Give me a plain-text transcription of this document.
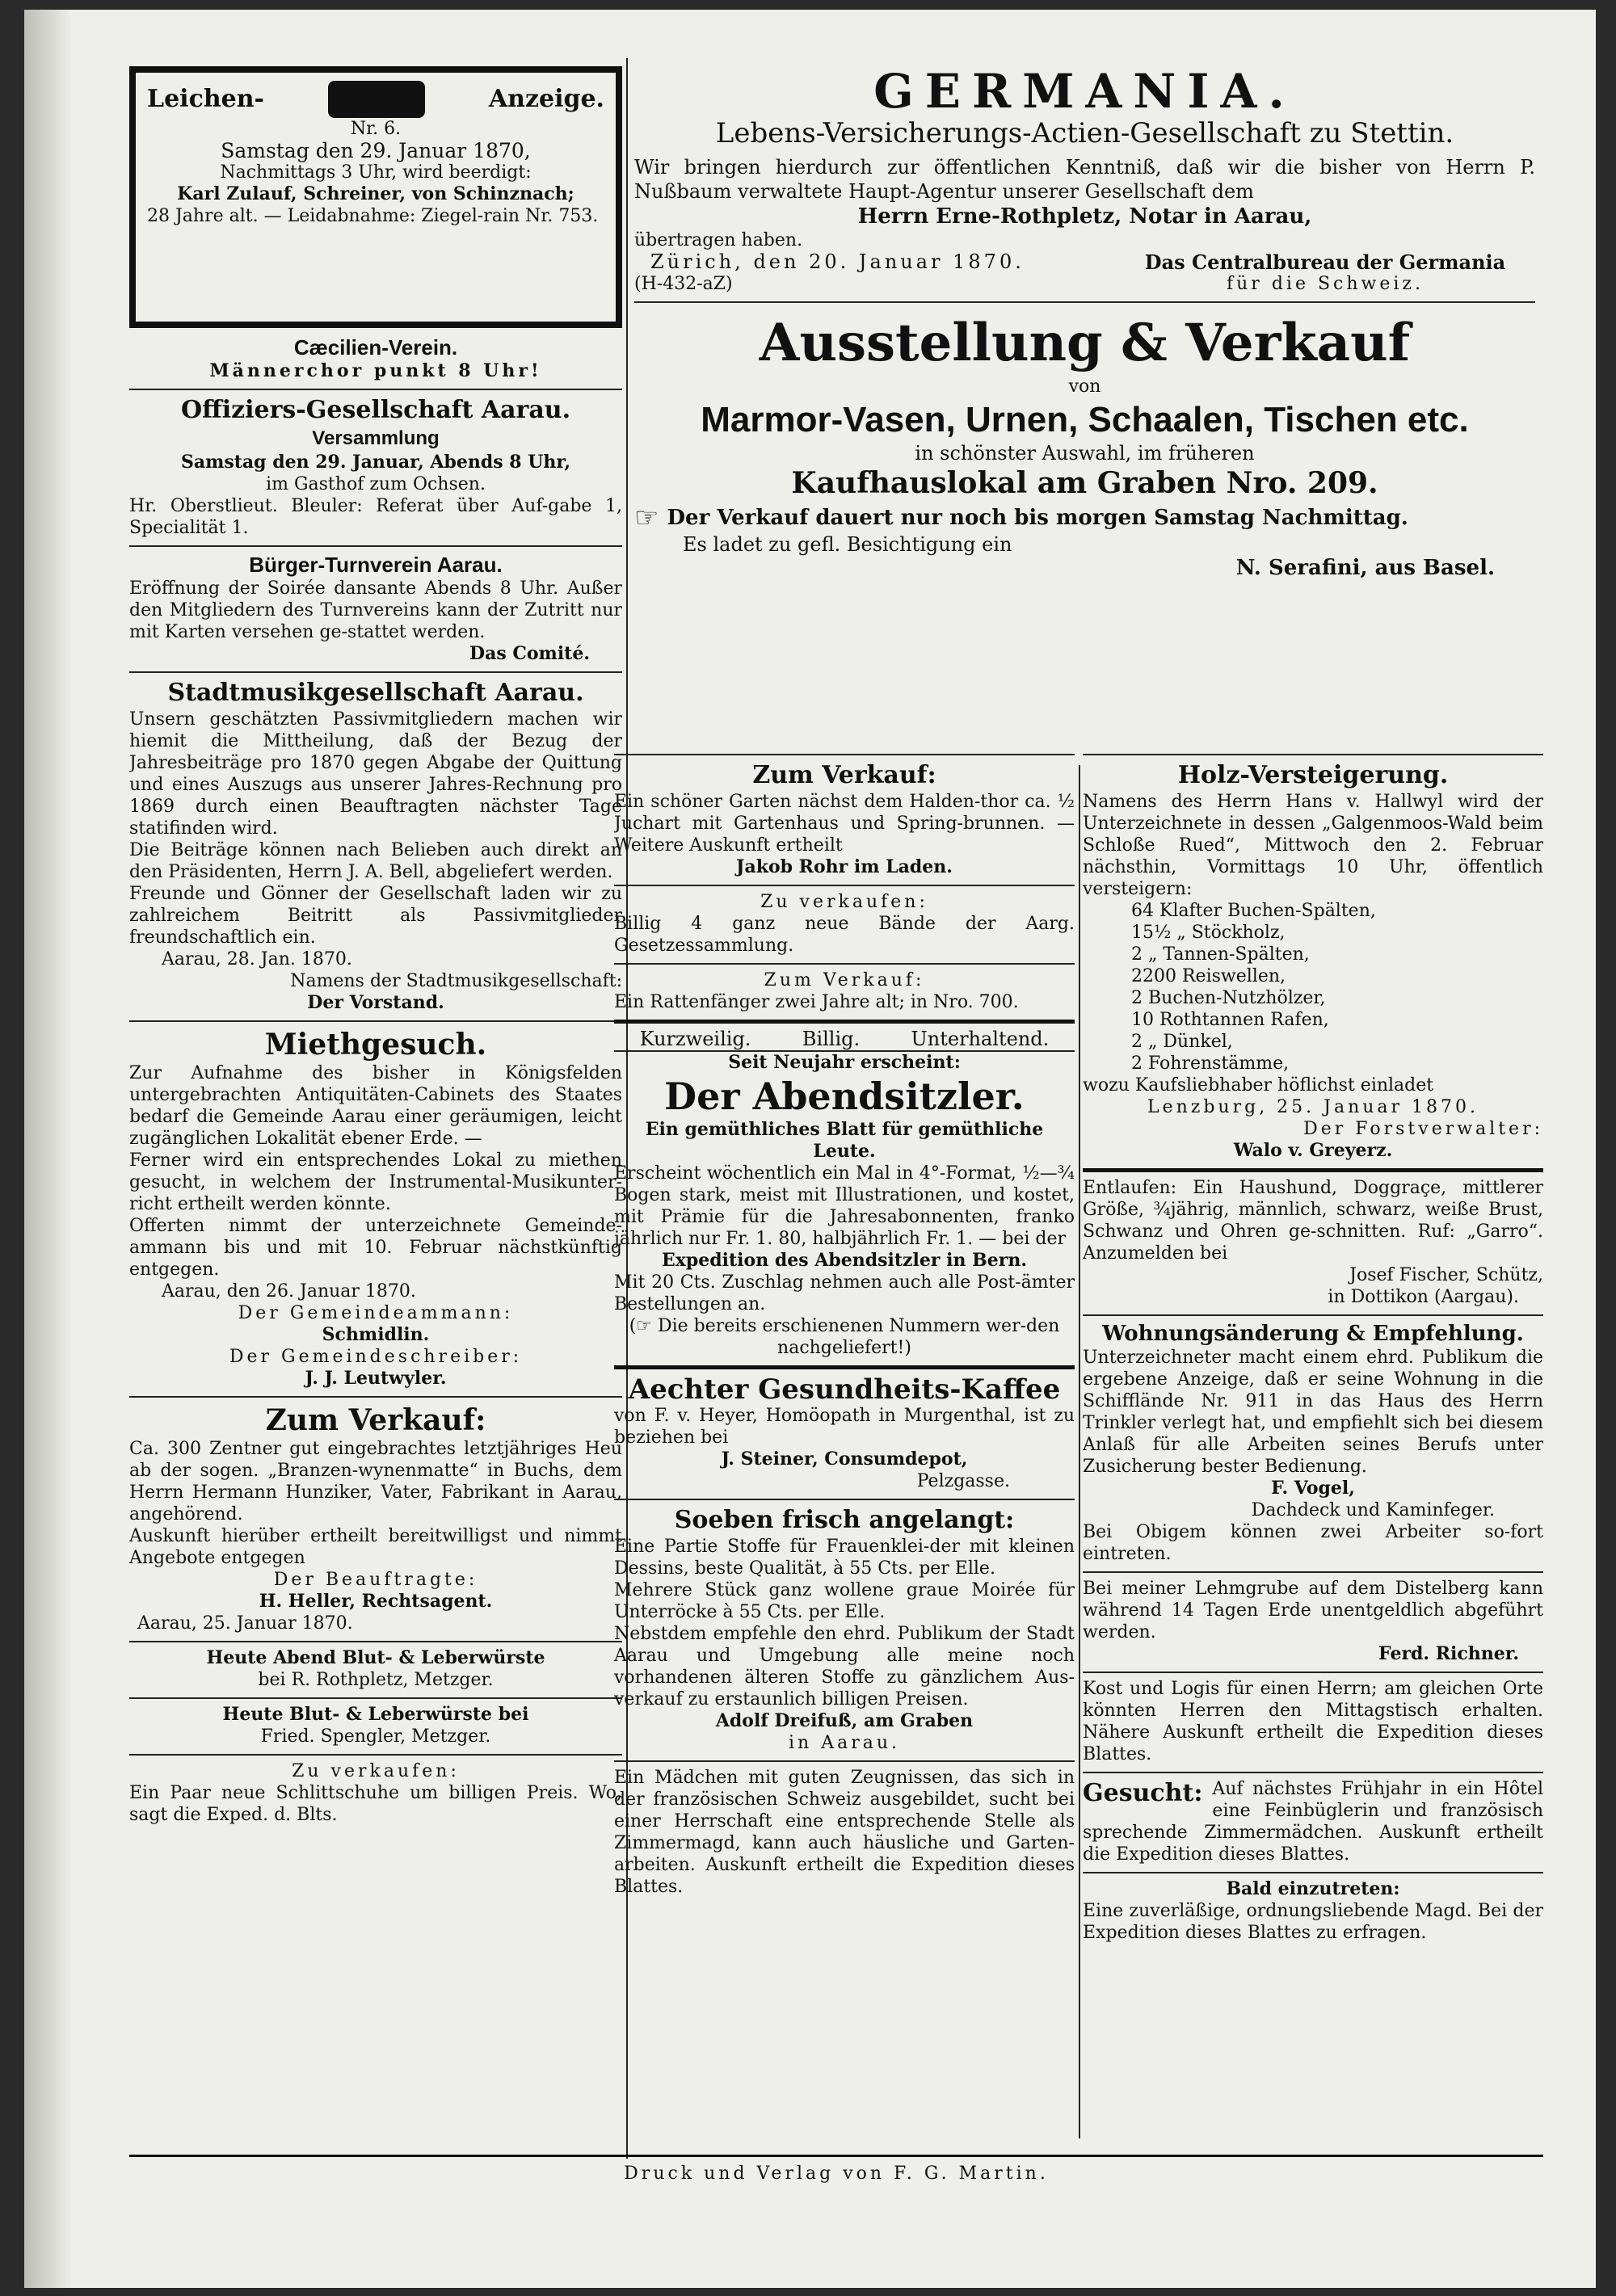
Leichen-	Anzeige.
Nr. 6.
Samstag den 29. Januar 1870,
Nachmittags 3 Uhr, wird beerdigt:
Karl Zulauf, Schreiner, von Schinznach;
28 Jahre alt. — Leidabnahme: Ziegel-rain Nr. 753.
Cæcilien-Verein.
Männerchor punkt 8 Uhr!
Offiziers-Gesellschaft Aarau.
Versammlung
Samstag den 29. Januar, Abends 8 Uhr,
im Gasthof zum Ochsen.
Hr. Oberstlieut. Bleuler: Referat über Auf-gabe 1, Specialität 1.
Bürger-Turnverein Aarau.
Eröffnung der Soirée dansante Abends 8 Uhr. Außer den Mitgliedern des Turnvereins kann der Zutritt nur mit Karten versehen ge-stattet werden.
Das Comité.
Stadtmusikgesellschaft Aarau.
Unsern geschätzten Passivmitgliedern machen wir hiemit die Mittheilung, daß der Bezug der Jahresbeiträge pro 1870 gegen Abgabe der Quittung und eines Auszugs aus unserer Jahres-Rechnung pro 1869 durch einen Beauftragten nächster Tage statifinden wird.
Die Beiträge können nach Belieben auch direkt an den Präsidenten, Herrn J. A. Bell, abgeliefert werden.
Freunde und Gönner der Gesellschaft laden wir zu zahlreichem Beitritt als Passivmitglieder freundschaftlich ein.
Aarau, 28. Jan. 1870.
Namens der Stadtmusikgesellschaft:
Der Vorstand.
Miethgesuch.
Zur Aufnahme des bisher in Königsfelden untergebrachten Antiquitäten-Cabinets des Staates bedarf die Gemeinde Aarau einer geräumigen, leicht zugänglichen Lokalität ebener Erde. —
Ferner wird ein entsprechendes Lokal zu miethen gesucht, in welchem der Instrumental-Musikunter-richt ertheilt werden könnte.
Offerten nimmt der unterzeichnete Gemeinde-ammann bis und mit 10. Februar nächstkünftig entgegen.
Aarau, den 26. Januar 1870.
Der Gemeindeammann:
Schmidlin.
Der Gemeindeschreiber:
J. J. Leutwyler.
Zum Verkauf:
Ca. 300 Zentner gut eingebrachtes letztjähriges Heu ab der sogen. „Branzen-wynenmatte“ in Buchs, dem Herrn Hermann Hunziker, Vater, Fabrikant in Aarau, angehörend.
Auskunft hierüber ertheilt bereitwilligst und nimmt Angebote entgegen
Der Beauftragte:
H. Heller, Rechtsagent.
Aarau, 25. Januar 1870.
Heute Abend Blut- & Leberwürste
bei R. Rothpletz, Metzger.
Heute Blut- & Leberwürste bei
Fried. Spengler, Metzger.
Zu verkaufen:
Ein Paar neue Schlittschuhe um billigen Preis. Wo, sagt die Exped. d. Blts.
GERMANIA.
Lebens-Versicherungs-Actien-Gesellschaft zu Stettin.
Wir bringen hierdurch zur öffentlichen Kenntniß, daß wir die bisher von Herrn P. Nußbaum verwaltete Haupt-Agentur unserer Gesellschaft dem
Herrn Erne-Rothpletz, Notar in Aarau,
übertragen haben.
Zürich, den 20. Januar 1870.
(H-432-aZ)
Das Centralbureau der Germania
für die Schweiz.
Ausstellung & Verkauf
von
Marmor-Vasen, Urnen, Schaalen, Tischen etc.
in schönster Auswahl, im früheren
Kaufhauslokal am Graben Nro. 209.
☞ Der Verkauf dauert nur noch bis morgen Samstag Nachmittag.
Es ladet zu gefl. Besichtigung ein
N. Serafini, aus Basel.
Zum Verkauf:
Ein schöner Garten nächst dem Halden-thor ca. ½ Juchart mit Gartenhaus und Spring-brunnen. — Weitere Auskunft ertheilt
Jakob Rohr im Laden.
Zu verkaufen:
Billig 4 ganz neue Bände der Aarg. Gesetzessammlung.
Zum Verkauf:
Ein Rattenfänger zwei Jahre alt; in Nro. 700.
Kurzweilig.	Billig.	Unterhaltend.
Seit Neujahr erscheint:
Der Abendsitzler.
Ein gemüthliches Blatt für gemüthliche Leute.
Erscheint wöchentlich ein Mal in 4°-Format, ½—¾ Bogen stark, meist mit Illustrationen, und kostet, mit Prämie für die Jahresabonnenten, franko jährlich nur Fr. 1. 80, halbjährlich Fr. 1. — bei der
Expedition des Abendsitzler in Bern.
Mit 20 Cts. Zuschlag nehmen auch alle Post-ämter Bestellungen an.
(☞ Die bereits erschienenen Nummern wer-den nachgeliefert!)
Aechter Gesundheits-Kaffee
von F. v. Heyer, Homöopath in Murgenthal, ist zu beziehen bei
J. Steiner, Consumdepot,
Pelzgasse.
Soeben frisch angelangt:
Eine Partie Stoffe für Frauenklei-der mit kleinen Dessins, beste Qualität, à 55 Cts. per Elle.
Mehrere Stück ganz wollene graue Moirée für Unterröcke à 55 Cts. per Elle.
Nebstdem empfehle den ehrd. Publikum der Stadt Aarau und Umgebung alle meine noch vorhandenen älteren Stoffe zu gänzlichem Aus-verkauf zu erstaunlich billigen Preisen.
Adolf Dreifuß, am Graben
in Aarau.
Ein Mädchen mit guten Zeugnissen, das sich in der französischen Schweiz ausgebildet, sucht bei einer Herrschaft eine entsprechende Stelle als Zimmermagd, kann auch häusliche und Garten-arbeiten. Auskunft ertheilt die Expedition dieses Blattes.
Holz-Versteigerung.
Namens des Herrn Hans v. Hallwyl wird der Unterzeichnete in dessen „Galgenmoos-Wald beim Schloße Rued“, Mittwoch den 2. Februar nächsthin, Vormittags 10 Uhr, öffentlich versteigern:
64 Klafter Buchen-Spälten,
15½ „ Stöckholz,
2 „ Tannen-Spälten,
2200 Reiswellen,
2 Buchen-Nutzhölzer,
10 Rothtannen Rafen,
2 „ Dünkel,
2 Fohrenstämme,
wozu Kaufsliebhaber höflichst einladet
Lenzburg, 25. Januar 1870.
Der Forstverwalter:
Walo v. Greyerz.
Entlaufen: Ein Haushund, Doggraçe, mittlerer Größe, ¾jährig, männlich, schwarz, weiße Brust, Schwanz und Ohren ge-schnitten. Ruf: „Garro“. Anzumelden bei
Josef Fischer, Schütz,
in Dottikon (Aargau).
Wohnungsänderung & Empfehlung.
Unterzeichneter macht einem ehrd. Publikum die ergebene Anzeige, daß er seine Wohnung in die Schifflände Nr. 911 in das Haus des Herrn Trinkler verlegt hat, und empfiehlt sich bei diesem Anlaß für alle Arbeiten seines Berufs unter Zusicherung bester Bedienung.
F. Vogel,
Dachdeck und Kaminfeger.
Bei Obigem können zwei Arbeiter so-fort eintreten.
Bei meiner Lehmgrube auf dem Distelberg kann während 14 Tagen Erde unentgeldlich abgeführt werden.
Ferd. Richner.
Kost und Logis für einen Herrn; am gleichen Orte könnten Herren den Mittagstisch erhalten. Nähere Auskunft ertheilt die Expedition dieses Blattes.
Gesucht: Auf nächstes Frühjahr in ein Hôtel eine Feinbüglerin und französisch sprechende Zimmermädchen. Auskunft ertheilt die Expedition dieses Blattes.
Bald einzutreten:
Eine zuverläßige, ordnungsliebende Magd. Bei der Expedition dieses Blattes zu erfragen.
Druck und Verlag von F. G. Martin.
